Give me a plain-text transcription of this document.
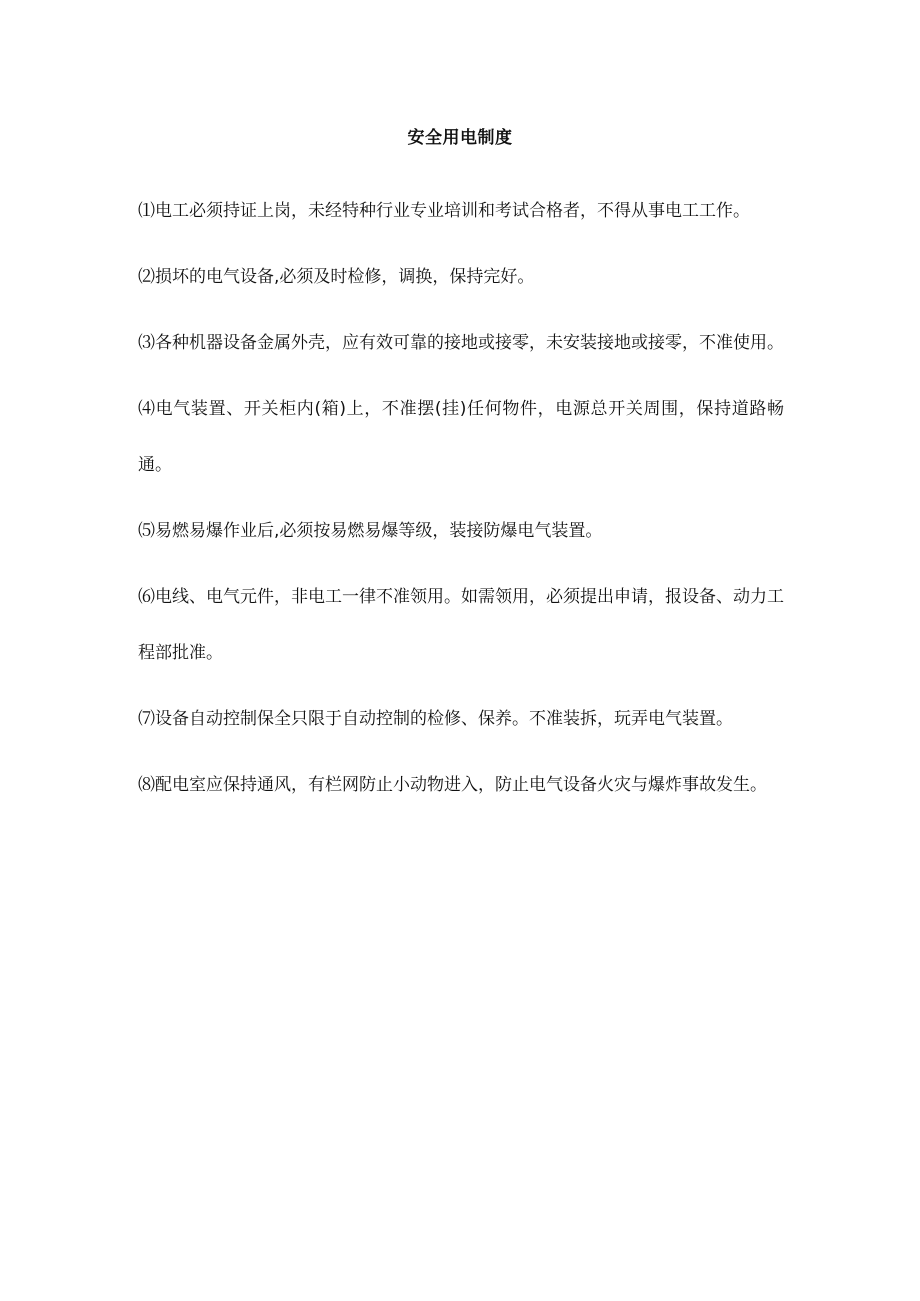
安全用电制度

⑴电工必须持证上岗，未经特种行业专业培训和考试合格者，不得从事电工工作。

⑵损坏的电气设备,必须及时检修，调换，保持完好。

⑶各种机器设备金属外壳，应有效可靠的接地或接零，未安装接地或接零，不准使用。

⑷电气装置、开关柜内(箱)上，不准摆(挂)任何物件，电源总开关周围，保持道路畅通。

⑸易燃易爆作业后,必须按易燃易爆等级，装接防爆电气装置。

⑹电线、电气元件，非电工一律不准领用。如需领用，必须提出申请，报设备、动力工程部批准。

⑺设备自动控制保全只限于自动控制的检修、保养。不准装拆，玩弄电气装置。

⑻配电室应保持通风，有栏网防止小动物进入，防止电气设备火灾与爆炸事故发生。
